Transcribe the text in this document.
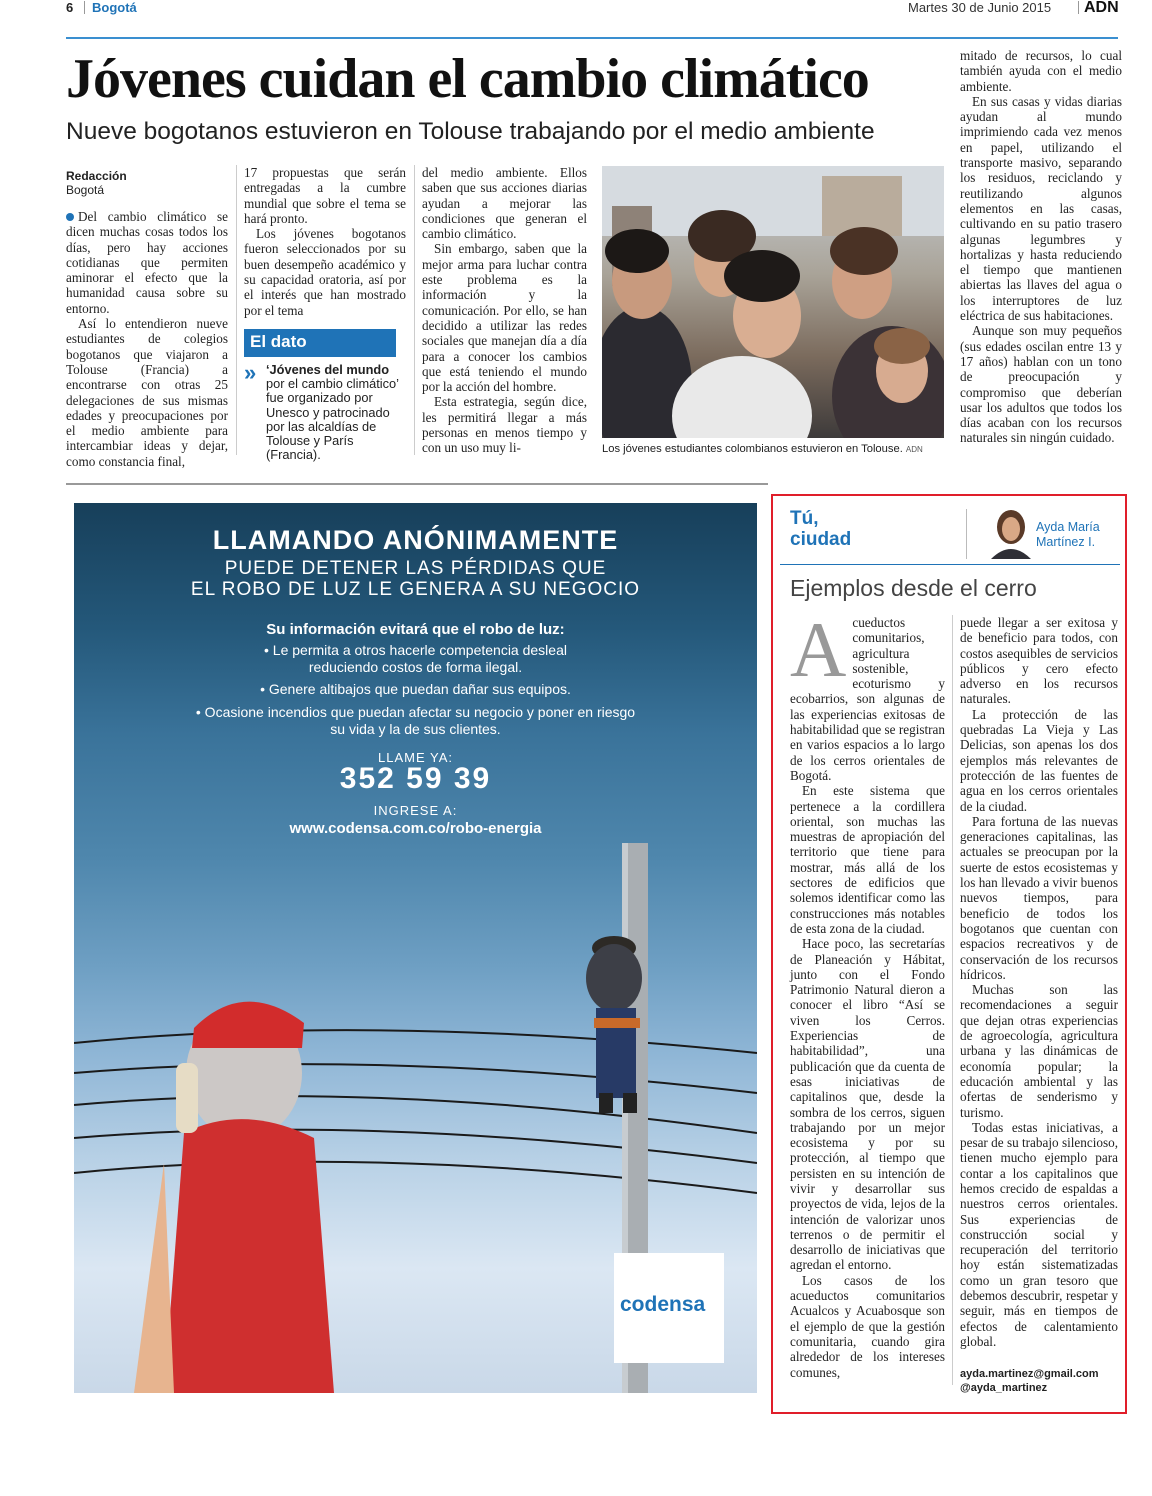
6 Bogotá	Martes 30 de Junio 2015 ADN
Jóvenes cuidan el cambio climático
Nueve bogotanos estuvieron en Tolouse trabajando por el medio ambiente
Redacción
Bogotá

Del cambio climático se dicen muchas cosas todos los días, pero hay acciones cotidianas que permiten aminorar el efecto que la humanidad causa sobre su entorno.

Así lo entendieron nueve estudiantes de colegios bogotanos que viajaron a Tolouse (Francia) a encontrarse con otras 25 delegaciones de sus mismas edades y preocupaciones por el medio ambiente para intercambiar ideas y dejar, como constancia final,

17 propuestas que serán entregadas a la cumbre mundial que sobre el tema se hará pronto.

Los jóvenes bogotanos fueron seleccionados por su buen desempeño académico y su capacidad oratoria, así por el interés que han mostrado por el tema

El dato
» ‘Jóvenes del mundo por el cambio climático’ fue organizado por Unesco y patrocinado por las alcaldías de Tolouse y París (Francia).

del medio ambiente. Ellos saben que sus acciones diarias ayudan a mejorar las condiciones que generan el cambio climático.

Sin embargo, saben que la mejor arma para luchar contra este problema es la información y la comunicación. Por ello, se han decidido a utilizar las redes sociales que manejan día a día para a conocer los cambios que está teniendo el mundo por la acción del hombre.

Esta estrategia, según dice, les permitirá llegar a más personas en menos tiempo y con un uso muy li-	Los jóvenes estudiantes colombianos estuvieron en Tolouse. ADN

mitado de recursos, lo cual también ayuda con el medio ambiente.

En sus casas y vidas diarias ayudan al mundo imprimiendo cada vez menos en papel, utilizando el transporte masivo, separando los residuos, reciclando y reutilizando algunos elementos en las casas, cultivando en su patio trasero algunas legumbres y hortalizas y hasta reduciendo el tiempo que mantienen abiertas las llaves del agua o los interruptores de luz eléctrica de sus habitaciones.

Aunque son muy pequeños (sus edades oscilan entre 13 y 17 años) hablan con un tono de preocupación y compromiso que deberían usar los adultos que todos los días acaban con los recursos naturales sin ningún cuidado.

LLAMANDO ANÓNIMAMENTE
PUEDE DETENER LAS PÉRDIDAS QUE
EL ROBO DE LUZ LE GENERA A SU NEGOCIO
Su información evitará que el robo de luz:
• Le permita a otros hacerle competencia desleal
reduciendo costos de forma ilegal.
• Genere altibajos que puedan dañar sus equipos.
• Ocasione incendios que puedan afectar su negocio y poner en riesgo
su vida y la de sus clientes.
LLAME YA:
352 59 39
INGRESE A:
www.codensa.com.co/robo-energia
codensa
Tú,
ciudad
Ayda María
Martínez I.
Ejemplos desde el cerro

Acueductos comunitarios, agricultura sostenible, ecoturismo y ecobarrios, son algunas de las experiencias exitosas de habitabilidad que se registran en varios espacios a lo largo de los cerros orientales de Bogotá.

En este sistema que pertenece a la cordillera oriental, son muchas las muestras de apropiación del territorio que tiene para mostrar, más allá de los sectores de edificios que solemos identificar como las construcciones más notables de esta zona de la ciudad.

Hace poco, las secretarías de Planeación y Hábitat, junto con el Fondo Patrimonio Natural dieron a conocer el libro “Así se viven los Cerros. Experiencias de habitabilidad”, una publicación que da cuenta de esas iniciativas de capitalinos que, desde la sombra de los cerros, siguen trabajando por un mejor ecosistema y por su protección, al tiempo que persisten en su intención de vivir y desarrollar sus proyectos de vida, lejos de la intención de valorizar unos terrenos o de permitir el desarrollo de iniciativas que agredan el entorno.

Los casos de los acueductos comunitarios Acualcos y Acuabosque son el ejemplo de que la gestión comunitaria, cuando gira alrededor de los intereses comunes,

puede llegar a ser exitosa y de beneficio para todos, con costos asequibles de servicios públicos y cero efecto adverso en los recursos naturales.

La protección de las quebradas La Vieja y Las Delicias, son apenas los dos ejemplos más relevantes de protección de las fuentes de agua en los cerros orientales de la ciudad.

Para fortuna de las nuevas generaciones capitalinas, las actuales se preocupan por la suerte de estos ecosistemas y los han llevado a vivir buenos nuevos tiempos, para beneficio de todos los bogotanos que cuentan con espacios recreativos y de conservación de los recursos hídricos.

Muchas son las recomendaciones a seguir que dejan otras experiencias de agroecología, agricultura urbana y las dinámicas de economía popular; la educación ambiental y las ofertas de senderismo y turismo.

Todas estas iniciativas, a pesar de su trabajo silencioso, tienen mucho ejemplo para contar a los capitalinos que hemos crecido de espaldas a nuestros cerros orientales. Sus experiencias de construcción social y recuperación del territorio hoy están sistematizadas como un gran tesoro que debemos descubrir, respetar y seguir, más en tiempos de efectos de calentamiento global.

ayda.martinez@gmail.com
@ayda_martinez
